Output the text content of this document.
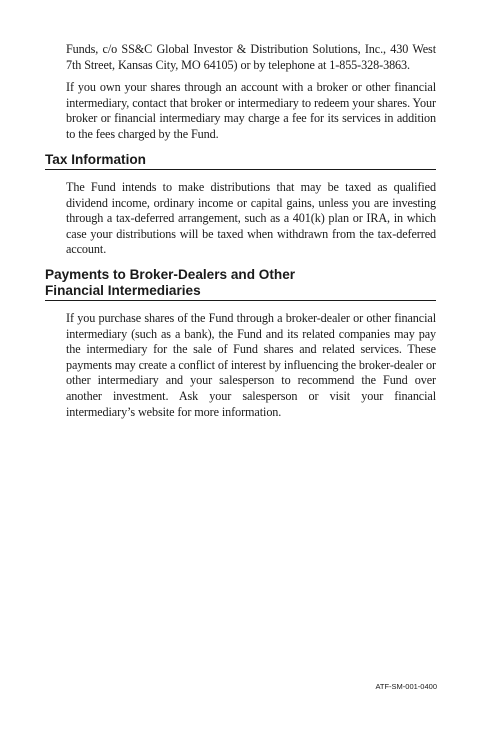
Funds, c/o SS&C Global Investor & Distribution Solutions, Inc., 430 West 7th Street, Kansas City, MO 64105) or by telephone at 1-855-328-3863.

If you own your shares through an account with a broker or other financial intermediary, contact that broker or intermediary to redeem your shares. Your broker or financial intermediary may charge a fee for its services in addition to the fees charged by the Fund.

Tax Information

The Fund intends to make distributions that may be taxed as qualified dividend income, ordinary income or capital gains, unless you are investing through a tax-deferred arrangement, such as a 401(k) plan or IRA, in which case your distributions will be taxed when withdrawn from the tax-deferred account.

Payments to Broker-Dealers and Other
Financial Intermediaries

If you purchase shares of the Fund through a broker-dealer or other financial intermediary (such as a bank), the Fund and its related companies may pay the intermediary for the sale of Fund shares and related services. These payments may create a conflict of interest by influencing the broker-dealer or other intermediary and your salesperson to recommend the Fund over another investment. Ask your salesperson or visit your financial intermediary’s website for more information.

ATF-SM-001-0400
